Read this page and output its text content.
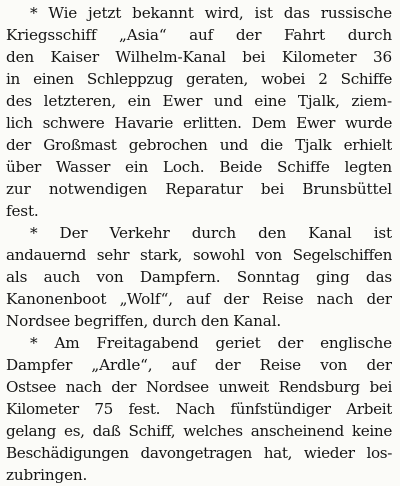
* Wie jetzt bekannt wird, ist das russische
Kriegsschiff „Asia“ auf der Fahrt durch
den Kaiser Wilhelm-Kanal bei Kilometer 36
in einen Schleppzug geraten, wobei 2 Schiffe
des letzteren, ein Ewer und eine Tjalk, ziem-
lich schwere Havarie erlitten. Dem Ewer wurde
der Großmast gebrochen und die Tjalk erhielt
über Wasser ein Loch. Beide Schiffe legten
zur notwendigen Reparatur bei Brunsbüttel
fest.
* Der Verkehr durch den Kanal ist
andauernd sehr stark, sowohl von Segelschiffen
als auch von Dampfern. Sonntag ging das
Kanonenboot „Wolf“, auf der Reise nach der
Nordsee begriffen, durch den Kanal.
* Am Freitagabend geriet der englische
Dampfer „Ardle“, auf der Reise von der
Ostsee nach der Nordsee unweit Rendsburg bei
Kilometer 75 fest. Nach fünfstündiger Arbeit
gelang es, daß Schiff, welches anscheinend keine
Beschädigungen davongetragen hat, wieder los-
zubringen.
